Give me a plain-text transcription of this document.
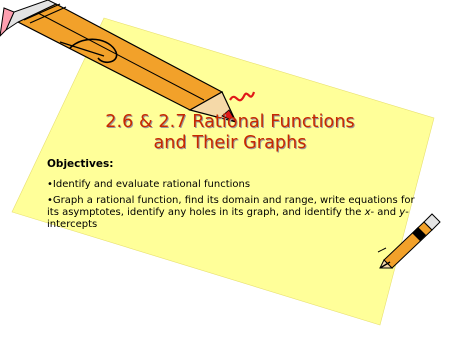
2.6 & 2.7 Rational Functions
and Their Graphs
Objectives:
•Identify and evaluate rational functions
•Graph a rational function, find its domain and range, write equations for its asymptotes, identify any holes in its graph, and identify the x- and y- intercepts
